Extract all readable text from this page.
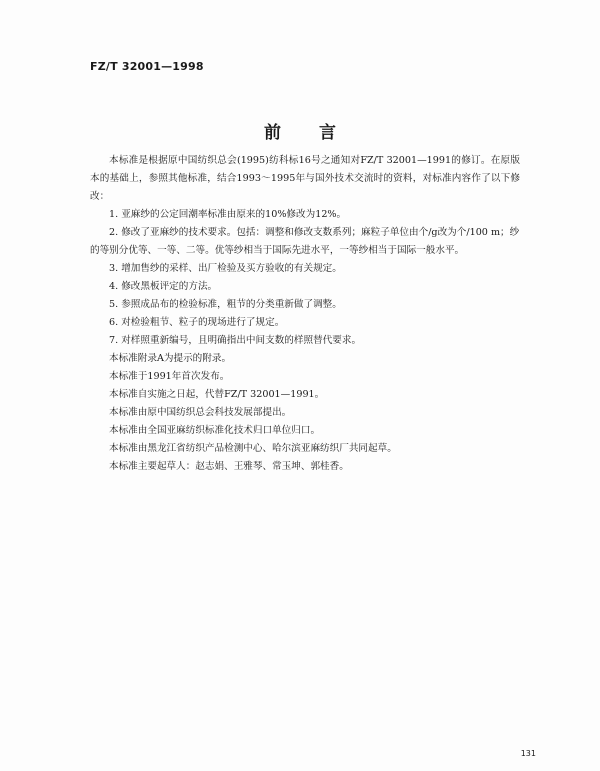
FZ/T 32001—1998
前言

本标准是根据原中国纺织总会(1995)纺科标16号之通知对FZ/T 32001—1991的修订。在原版本的基础上，参照其他标准，结合1993～1995年与国外技术交流时的资料，对标准内容作了以下修改：

1. 亚麻纱的公定回潮率标准由原来的10%修改为12%。

2. 修改了亚麻纱的技术要求。包括：调整和修改支数系列；麻粒子单位由个/g改为个/100 m；纱的等别分优等、一等、二等。优等纱相当于国际先进水平，一等纱相当于国际一般水平。

3. 增加售纱的采样、出厂检验及买方验收的有关规定。

4. 修改黑板评定的方法。

5. 参照成品布的检验标准，粗节的分类重新做了调整。

6. 对检验粗节、粒子的现场进行了规定。

7. 对样照重新编号，且明确指出中间支数的样照替代要求。

本标准附录A为提示的附录。

本标准于1991年首次发布。

本标准自实施之日起，代替FZ/T 32001—1991。

本标准由原中国纺织总会科技发展部提出。

本标准由全国亚麻纺织标准化技术归口单位归口。

本标准由黑龙江省纺织产品检测中心、哈尔滨亚麻纺织厂共同起草。

本标准主要起草人：赵志娟、王雅琴、常玉坤、郭桂香。

131
